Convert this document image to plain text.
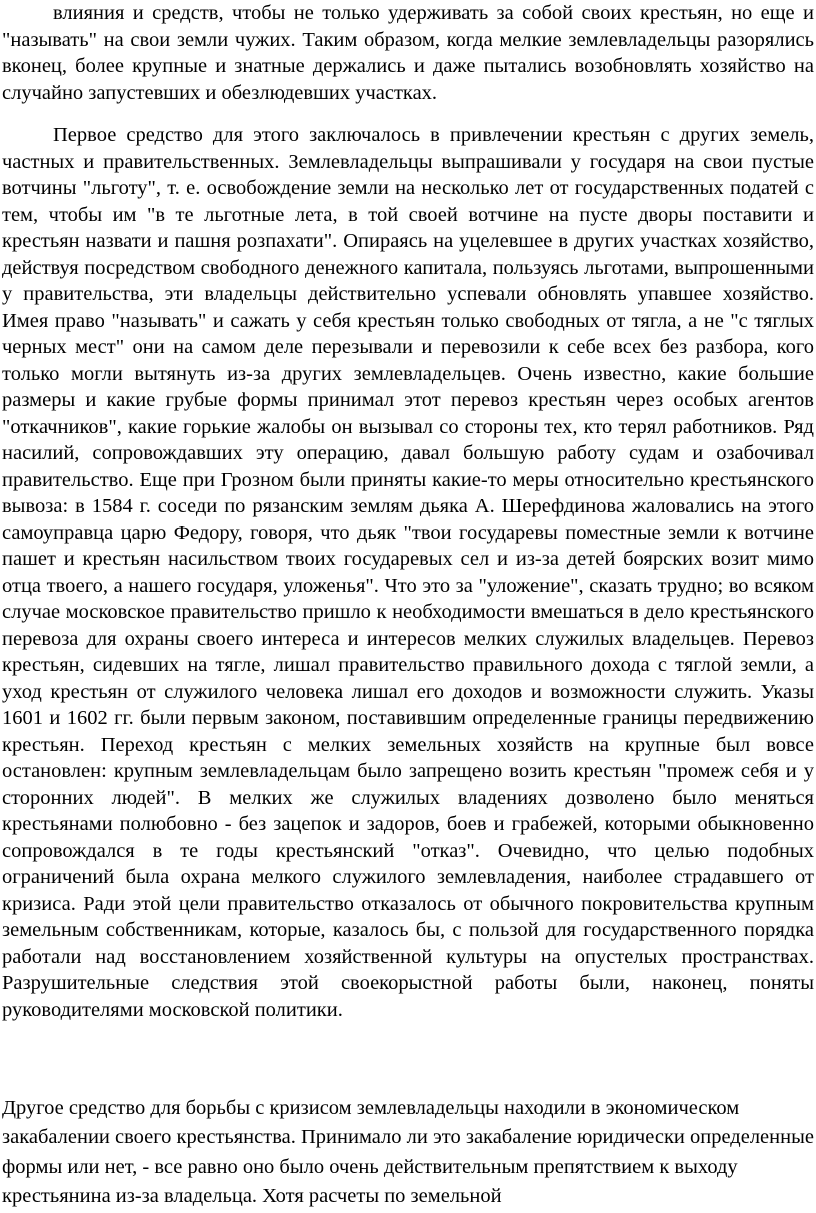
влияния и средств, чтобы не только удерживать за собой своих крестьян, но еще и "называть" на свои земли чужих. Таким образом, когда мелкие землевладельцы разорялись вконец, более крупные и знатные держались и даже пытались возобновлять хозяйство на случайно запустевших и обезлюдевших участках.

Первое средство для этого заключалось в привлечении крестьян с других земель, частных и правительственных. Землевладельцы выпрашивали у государя на свои пустые вотчины "льготу", т. е. освобождение земли на несколько лет от государственных податей с тем, чтобы им "в те льготные лета, в той своей вотчине на пусте дворы поставити и крестьян назвати и пашня розпахати". Опираясь на уцелевшее в других участках хозяйство, действуя посредством свободного денежного капитала, пользуясь льготами, выпрошенными у правительства, эти владельцы действительно успевали обновлять упавшее хозяйство. Имея право "называть" и сажать у себя крестьян только свободных от тягла, а не "с тяглых черных мест" они на самом деле перезывали и перевозили к себе всех без разбора, кого только могли вытянуть из-за других землевладельцев. Очень известно, какие большие размеры и какие грубые формы принимал этот перевоз крестьян через особых агентов "откачников", какие горькие жалобы он вызывал со стороны тех, кто терял работников. Ряд насилий, сопровождавших эту операцию, давал большую работу судам и озабочивал правительство. Еще при Грозном были приняты какие-то меры относительно крестьянского вывоза: в 1584 г. соседи по рязанским землям дьяка А. Шерефдинова жаловались на этого самоуправца царю Федору, говоря, что дьяк "твои государевы поместные земли к вотчине пашет и крестьян насильством твоих государевых сел и из-за детей боярских возит мимо отца твоего, а нашего государя, уложенья". Что это за "уложение", сказать трудно; во всяком случае московское правительство пришло к необходимости вмешаться в дело крестьянского перевоза для охраны своего интереса и интересов мелких служилых владельцев. Перевоз крестьян, сидевших на тягле, лишал правительство правильного дохода с тяглой земли, а уход крестьян от служилого человека лишал его доходов и возможности служить. Указы 1601 и 1602 гг. были первым законом, поставившим определенные границы передвижению крестьян. Переход крестьян с мелких земельных хозяйств на крупные был вовсе остановлен: крупным землевладельцам было запрещено возить крестьян "промеж себя и у сторонних людей". В мелких же служилых владениях дозволено было меняться крестьянами полюбовно - без зацепок и задоров, боев и грабежей, которыми обыкновенно сопровождался в те годы крестьянский "отказ". Очевидно, что целью подобных ограничений была охрана мелкого служилого землевладения, наиболее страдавшего от кризиса. Ради этой цели правительство отказалось от обычного покровительства крупным земельным собственникам, которые, казалось бы, с пользой для государственного порядка работали над восстановлением хозяйственной культуры на опустелых пространствах. Разрушительные следствия этой своекорыстной работы были, наконец, поняты руководителями московской политики.

Другое средство для борьбы с кризисом землевладельцы находили в экономическом закабалении своего крестьянства. Принимало ли это закабаление юридически определенные формы или нет, - все равно оно было очень действительным препятствием к выходу крестьянина из-за владельца. Хотя расчеты по земельной
